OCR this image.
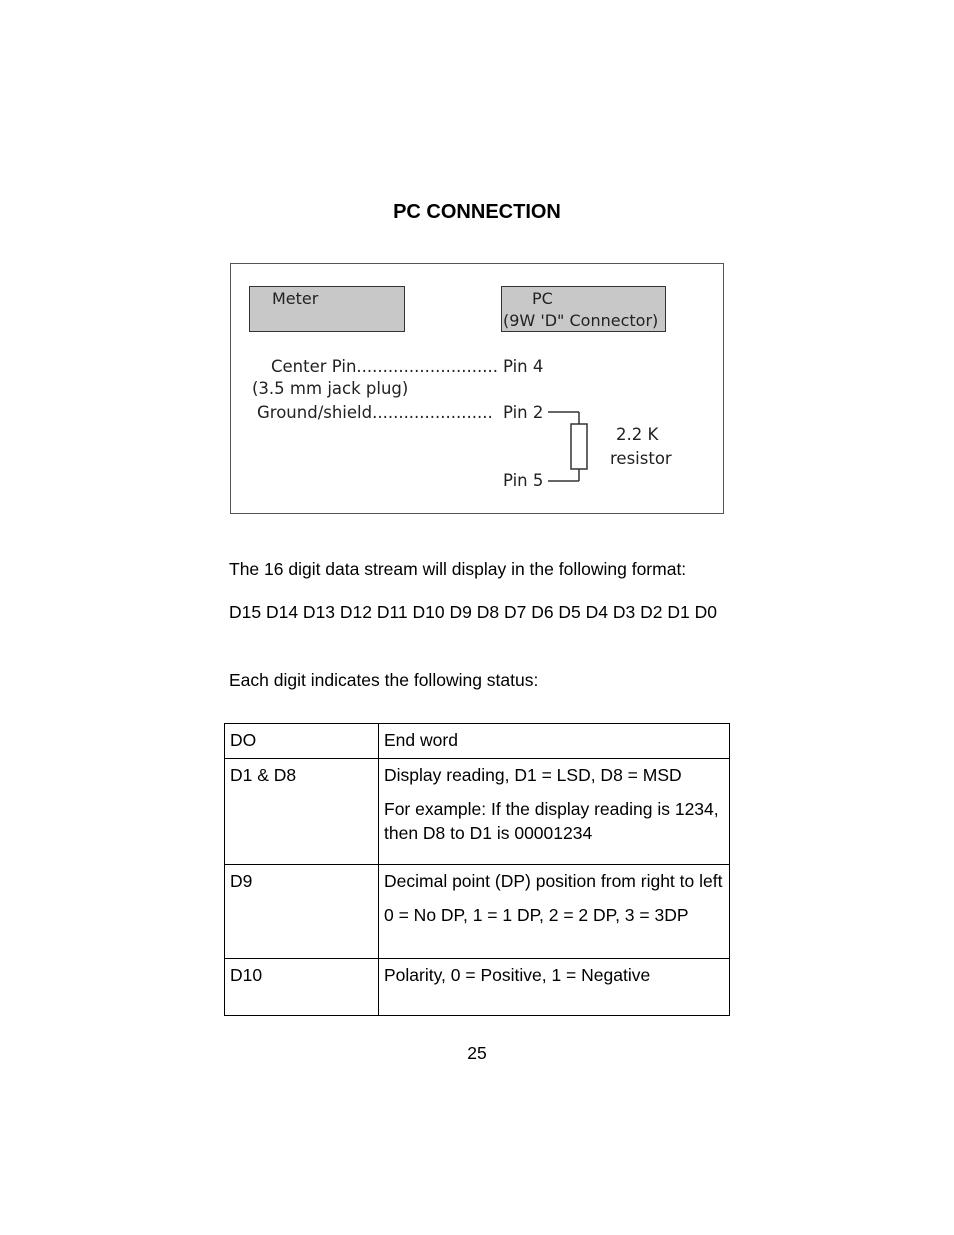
PC CONNECTION
Meter	PC
(9W 'D" Connector)
Center Pin........................... Pin 4
(3.5 mm jack plug)
Ground/shield....................... Pin 2
Pin 5
2.2 K
resistor
The 16 digit data stream will display in the following format:
D15 D14 D13 D12 D11 D10 D9 D8 D7 D6 D5 D4 D3 D2 D1 D0
Each digit indicates the following status:
DO	End word

D1 & D8	Display reading, D1 = LSD, D8 = MSD

For example: If the display reading is 1234, then D8 to D1 is 00001234

D9	Decimal point (DP) position from right to left

0 = No DP, 1 = 1 DP, 2 = 2 DP, 3 = 3DP

D10	Polarity, 0 = Positive, 1 = Negative

25
